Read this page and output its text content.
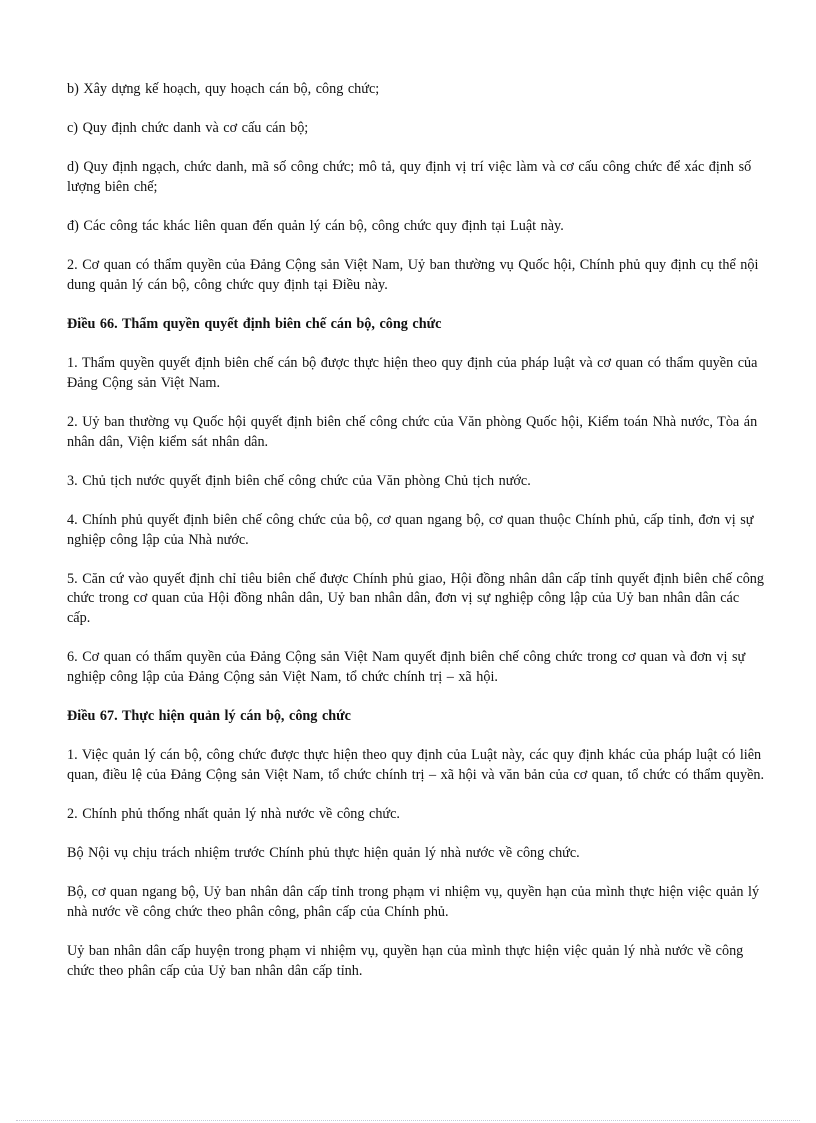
b) Xây dựng kế hoạch, quy hoạch cán bộ, công chức;

c) Quy định chức danh và cơ cấu cán bộ;

d) Quy định ngạch, chức danh, mã số công chức; mô tả, quy định vị trí việc làm và cơ cấu công chức để xác định số lượng biên chế;

đ) Các công tác khác liên quan đến quản lý cán bộ, công chức quy định tại Luật này.

2. Cơ quan có thẩm quyền của Đảng Cộng sản Việt Nam, Uỷ ban thường vụ Quốc hội, Chính phủ quy định cụ thể nội dung quản lý cán bộ, công chức quy định tại Điều này.

Điều 66. Thẩm quyền quyết định biên chế cán bộ, công chức

1. Thẩm quyền quyết định biên chế cán bộ được thực hiện theo quy định của pháp luật và cơ quan có thẩm quyền của Đảng Cộng sản Việt Nam.

2. Uỷ ban thường vụ Quốc hội quyết định biên chế công chức của Văn phòng Quốc hội, Kiểm toán Nhà nước, Tòa án nhân dân, Viện kiểm sát nhân dân.

3. Chủ tịch nước quyết định biên chế công chức của Văn phòng Chủ tịch nước.

4. Chính phủ quyết định biên chế công chức của bộ, cơ quan ngang bộ, cơ quan thuộc Chính phủ, cấp tỉnh, đơn vị sự nghiệp công lập của Nhà nước.

5. Căn cứ vào quyết định chỉ tiêu biên chế được Chính phủ giao, Hội đồng nhân dân cấp tỉnh quyết định biên chế công chức trong cơ quan của Hội đồng nhân dân, Uỷ ban nhân dân, đơn vị sự nghiệp công lập của Uỷ ban nhân dân các cấp.

6. Cơ quan có thẩm quyền của Đảng Cộng sản Việt Nam quyết định biên chế công chức trong cơ quan và đơn vị sự nghiệp công lập của Đảng Cộng sản Việt Nam, tổ chức chính trị – xã hội.

Điều 67. Thực hiện quản lý cán bộ, công chức

1. Việc quản lý cán bộ, công chức được thực hiện theo quy định của Luật này, các quy định khác của pháp luật có liên quan, điều lệ của Đảng Cộng sản Việt Nam, tổ chức chính trị – xã hội và văn bản của cơ quan, tổ chức có thẩm quyền.

2. Chính phủ thống nhất quản lý nhà nước về công chức.

Bộ Nội vụ chịu trách nhiệm trước Chính phủ thực hiện quản lý nhà nước về công chức.

Bộ, cơ quan ngang bộ, Uỷ ban nhân dân cấp tỉnh trong phạm vi nhiệm vụ, quyền hạn của mình thực hiện việc quản lý nhà nước về công chức theo phân công, phân cấp của Chính phủ.

Uỷ ban nhân dân cấp huyện trong phạm vi nhiệm vụ, quyền hạn của mình thực hiện việc quản lý nhà nước về công chức theo phân cấp của Uỷ ban nhân dân cấp tỉnh.
